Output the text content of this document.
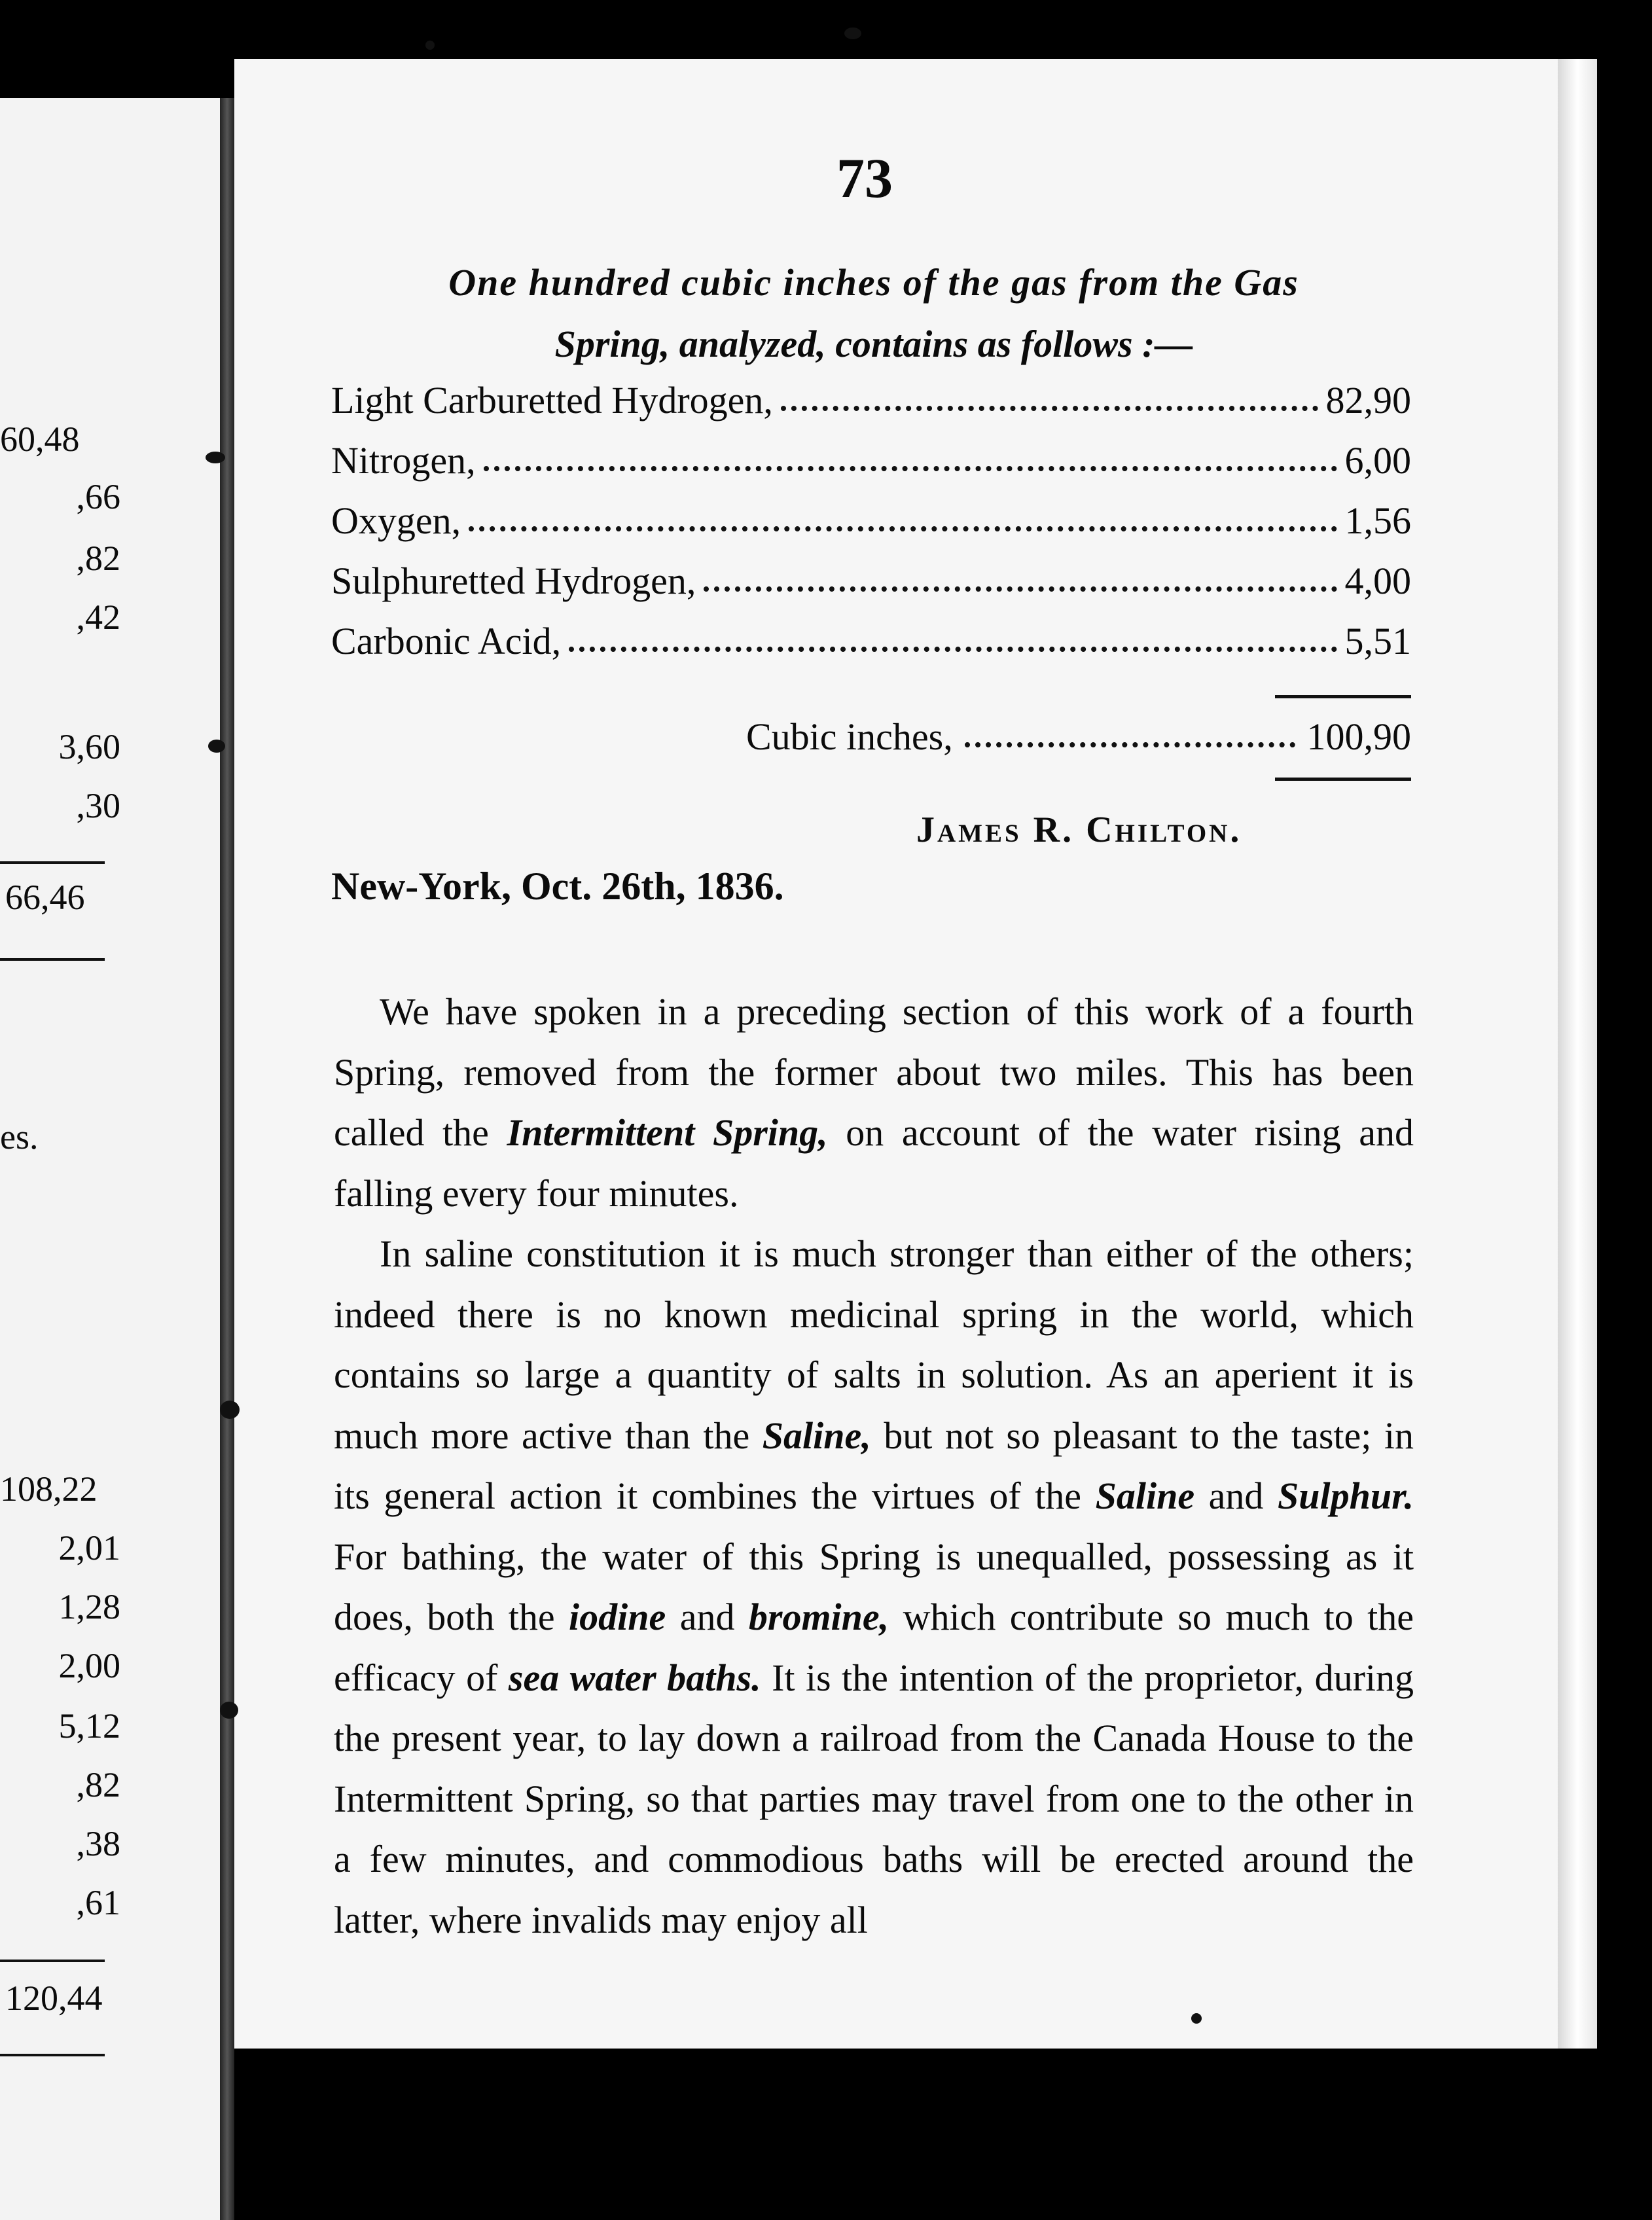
60,48
,66
,82
,42
3,60
,30
66,46
es.
108,22
2,01
1,28
2,00
5,12
,82
,38
,61
120,44
73
One hundred cubic inches of the gas from the Gas
Spring, analyzed, contains as follows :—
Light Carburetted Hydrogen,	82,90
Nitrogen,	6,00
Oxygen,	1,56
Sulphuretted Hydrogen,	4,00
Carbonic Acid,	5,51
Cubic inches,	100,90
James R. Chilton.
New-York, Oct. 26th, 1836.

We have spoken in a preceding section of this work of a fourth Spring, removed from the former about two miles. This has been called the Intermittent Spring, on account of the water rising and falling every four minutes.

In saline constitution it is much stronger than either of the others; indeed there is no known medicinal spring in the world, which contains so large a quantity of salts in solution. As an aperient it is much more active than the Saline, but not so pleasant to the taste; in its general action it combines the virtues of the Saline and Sulphur. For bathing, the water of this Spring is unequalled, possessing as it does, both the iodine and bromine, which contribute so much to the efficacy of sea water baths. It is the intention of the proprietor, during the present year, to lay down a railroad from the Canada House to the Intermittent Spring, so that parties may travel from one to the other in a few minutes, and commodious baths will be erected around the latter, where invalids may enjoy all
